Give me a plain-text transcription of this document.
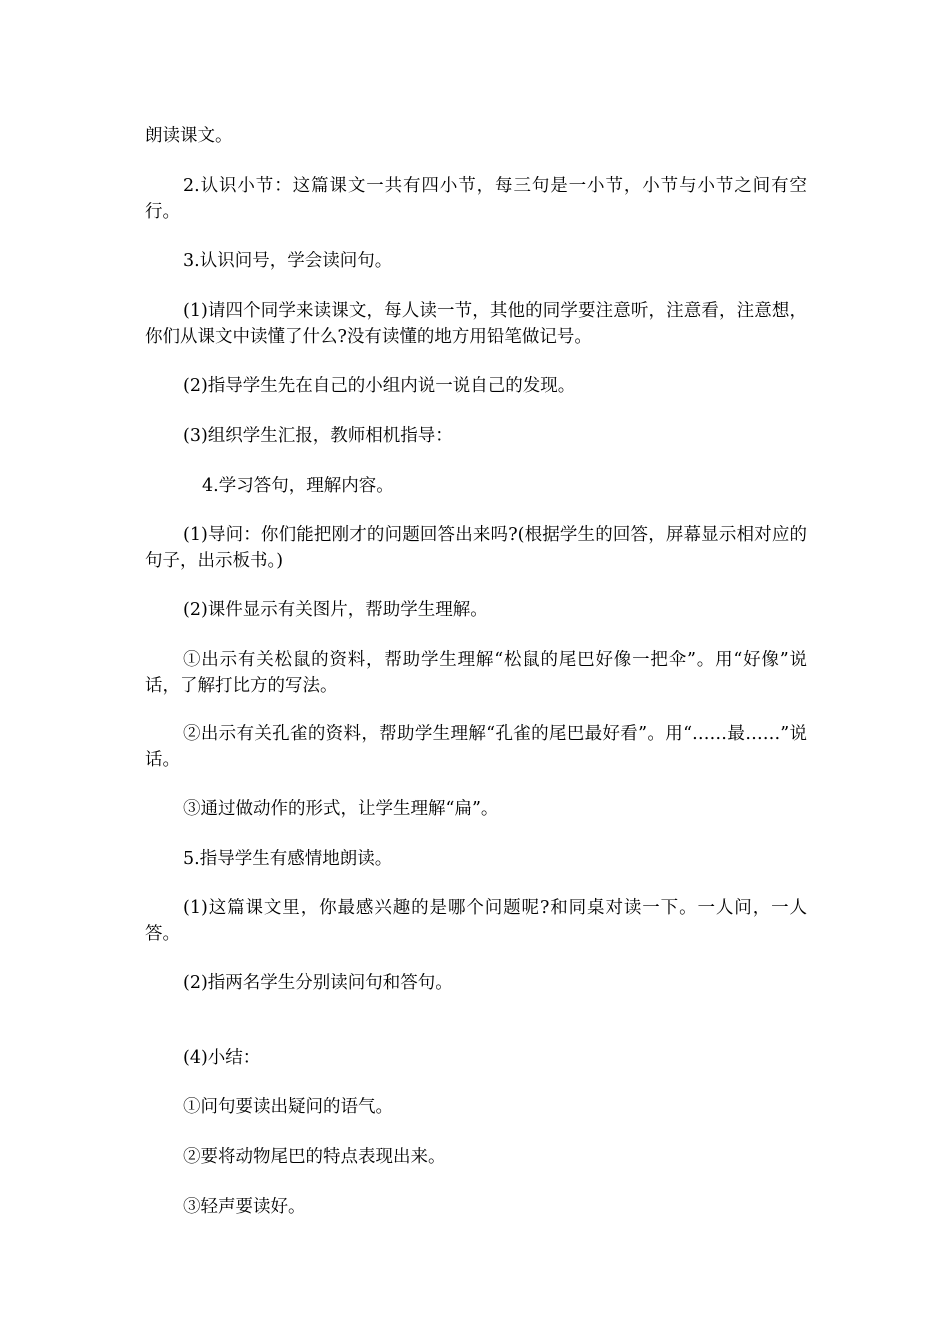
朗读课文。

2.认识小节：这篇课文一共有四小节，每三句是一小节，小节与小节之间有空行。

3.认识问号，学会读问句。

(1)请四个同学来读课文，每人读一节，其他的同学要注意听，注意看，注意想，你们从课文中读懂了什么?没有读懂的地方用铅笔做记号。

(2)指导学生先在自己的小组内说一说自己的发现。

(3)组织学生汇报，教师相机指导：

4.学习答句，理解内容。

(1)导问：你们能把刚才的问题回答出来吗?(根据学生的回答，屏幕显示相对应的句子，出示板书。)

(2)课件显示有关图片，帮助学生理解。

①出示有关松鼠的资料，帮助学生理解“松鼠的尾巴好像一把伞”。用“好像”说话，了解打比方的写法。

②出示有关孔雀的资料，帮助学生理解“孔雀的尾巴最好看”。用“……最……”说话。

③通过做动作的形式，让学生理解“扁”。

5.指导学生有感情地朗读。

(1)这篇课文里，你最感兴趣的是哪个问题呢?和同桌对读一下。一人问，一人答。

(2)指两名学生分别读问句和答句。

(4)小结：

①问句要读出疑问的语气。

②要将动物尾巴的特点表现出来。

③轻声要读好。
